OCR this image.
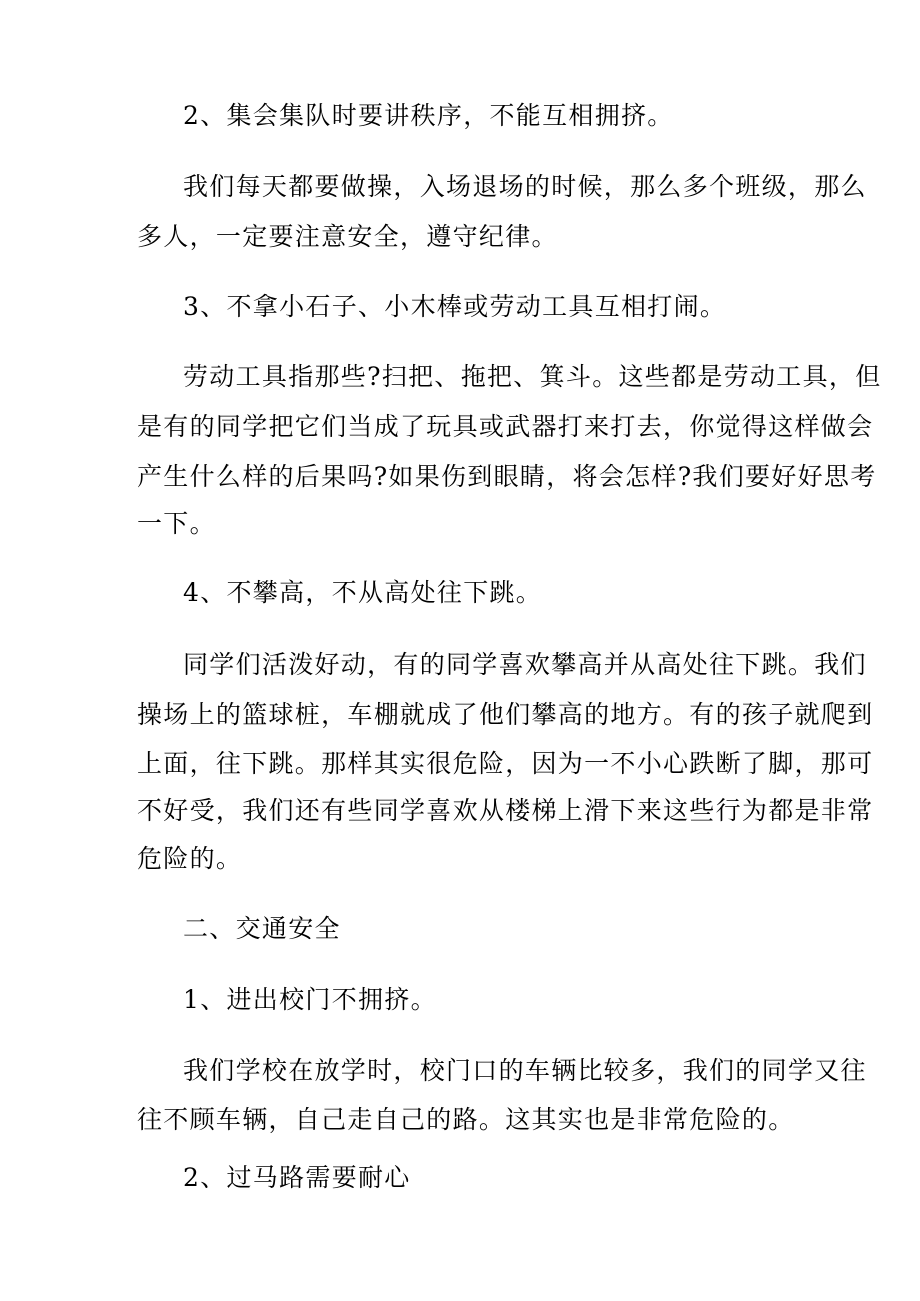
2、集会集队时要讲秩序，不能互相拥挤。
我们每天都要做操，入场退场的时候，那么多个班级，那么
多人，一定要注意安全，遵守纪律。
3、不拿小石子、小木棒或劳动工具互相打闹。
劳动工具指那些?扫把、拖把、箕斗。这些都是劳动工具，但
是有的同学把它们当成了玩具或武器打来打去，你觉得这样做会
产生什么样的后果吗?如果伤到眼睛，将会怎样?我们要好好思考
一下。
4、不攀高，不从高处往下跳。
同学们活泼好动，有的同学喜欢攀高并从高处往下跳。我们
操场上的篮球桩，车棚就成了他们攀高的地方。有的孩子就爬到
上面，往下跳。那样其实很危险，因为一不小心跌断了脚，那可
不好受，我们还有些同学喜欢从楼梯上滑下来这些行为都是非常
危险的。
二、交通安全
1、进出校门不拥挤。
我们学校在放学时，校门口的车辆比较多，我们的同学又往
往不顾车辆，自己走自己的路。这其实也是非常危险的。
2、过马路需要耐心
